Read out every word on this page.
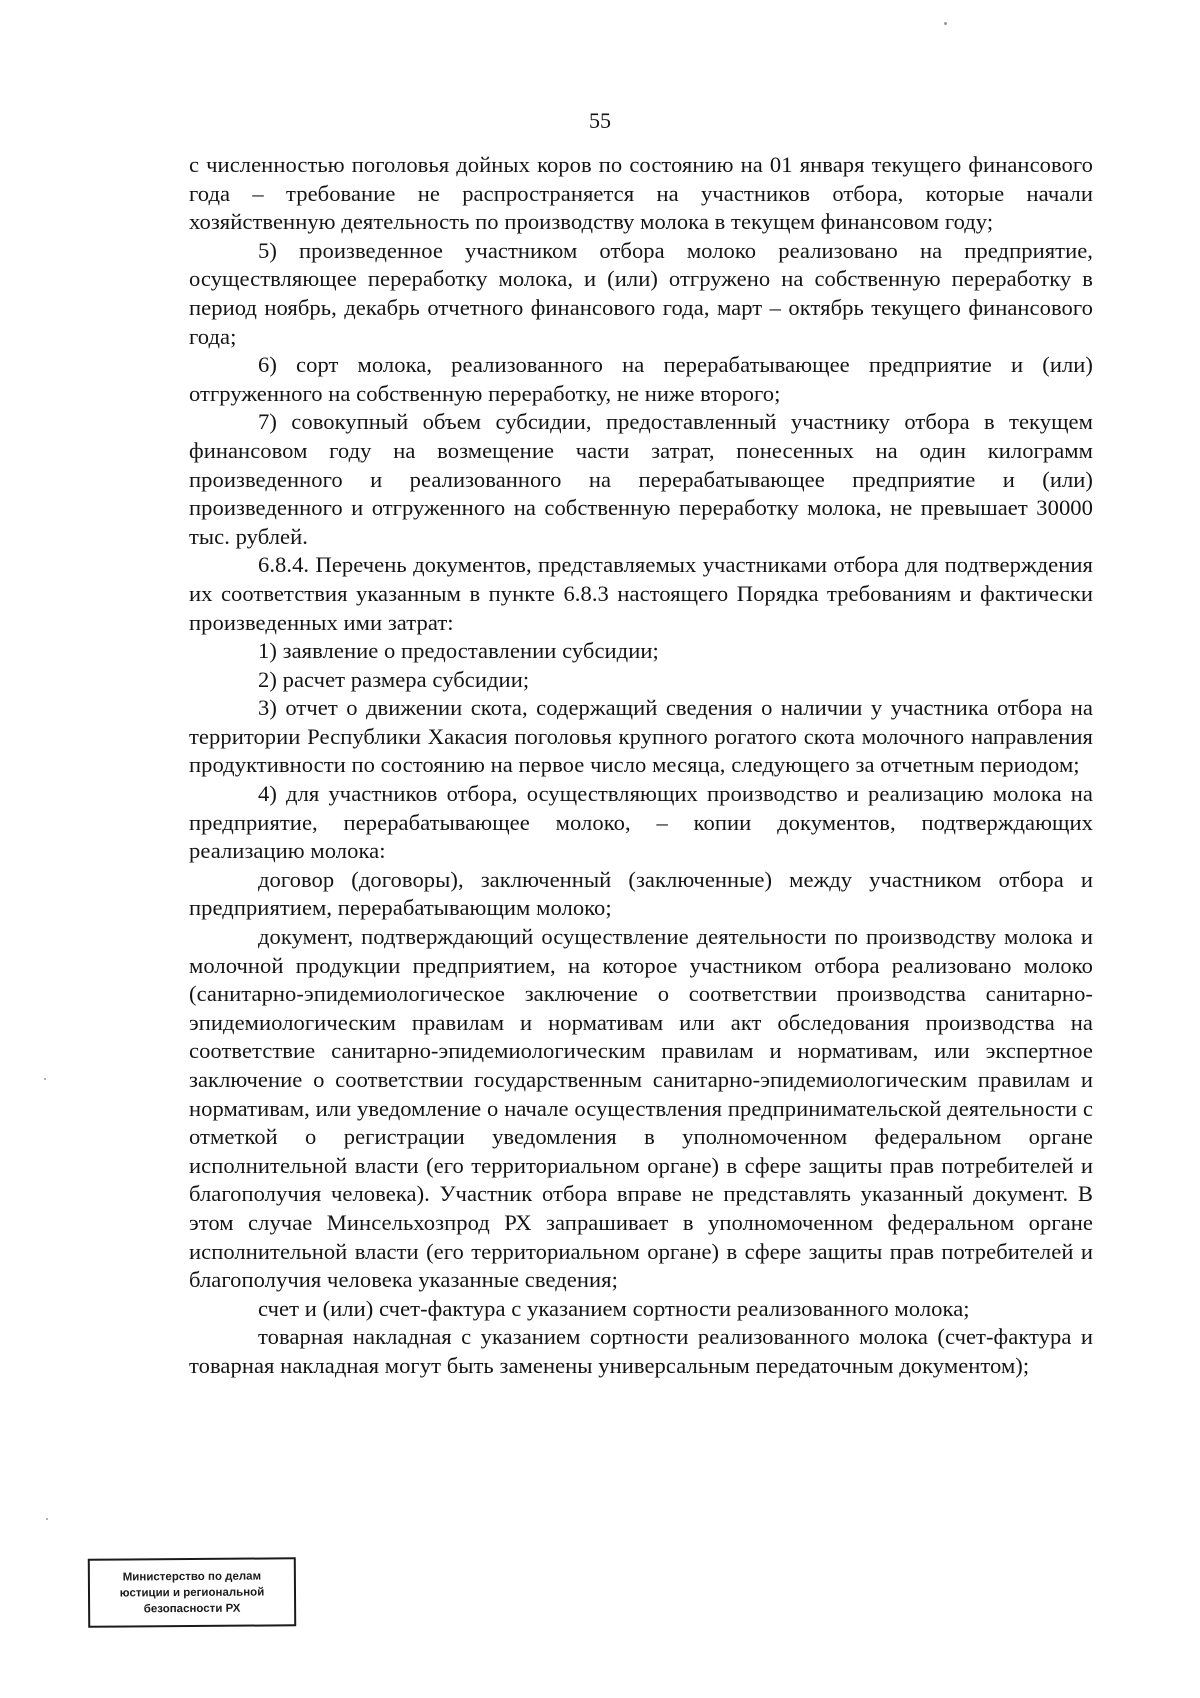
55

с численностью поголовья дойных коров по состоянию на 01 января текущего финансового года – требование не распространяется на участников отбора, которые начали хозяйственную деятельность по производству молока в текущем финансовом году;

5) произведенное участником отбора молоко реализовано на предприятие, осуществляющее переработку молока, и (или) отгружено на собственную переработку в период ноябрь, декабрь отчетного финансового года, март – октябрь текущего финансового года;

6) сорт молока, реализованного на перерабатывающее предприятие и (или) отгруженного на собственную переработку, не ниже второго;

7) совокупный объем субсидии, предоставленный участнику отбора в текущем финансовом году на возмещение части затрат, понесенных на один килограмм произведенного и реализованного на перерабатывающее предприятие и (или) произведенного и отгруженного на собственную переработку молока, не превышает 30000 тыс. рублей.

6.8.4. Перечень документов, представляемых участниками отбора для подтверждения их соответствия указанным в пункте 6.8.3 настоящего Порядка требованиям и фактически произведенных ими затрат:

1) заявление о предоставлении субсидии;

2) расчет размера субсидии;

3) отчет о движении скота, содержащий сведения о наличии у участника отбора на территории Республики Хакасия поголовья крупного рогатого скота молочного направления продуктивности по состоянию на первое число месяца, следующего за отчетным периодом;

4) для участников отбора, осуществляющих производство и реализацию молока на предприятие, перерабатывающее молоко, – копии документов, подтверждающих реализацию молока:

договор (договоры), заключенный (заключенные) между участником отбора и предприятием, перерабатывающим молоко;

документ, подтверждающий осуществление деятельности по производству молока и молочной продукции предприятием, на которое участником отбора реализовано молоко (санитарно-эпидемиологическое заключение о соответствии производства санитарно-эпидемиологическим правилам и нормативам или акт обследования производства на соответствие санитарно-эпидемиологическим правилам и нормативам, или экспертное заключение о соответствии государственным санитарно-эпидемиологическим правилам и нормативам, или уведомление о начале осуществления предпринимательской деятельности с отметкой о регистрации уведомления в уполномоченном федеральном органе исполнительной власти (его территориальном органе) в сфере защиты прав потребителей и благополучия человека). Участник отбора вправе не представлять указанный документ. В этом случае Минсельхозпрод РХ запрашивает в уполномоченном федеральном органе исполнительной власти (его территориальном органе) в сфере защиты прав потребителей и благополучия человека указанные сведения;

счет и (или) счет-фактура с указанием сортности реализованного молока;

товарная накладная с указанием сортности реализованного молока (счет-фактура и товарная накладная могут быть заменены универсальным передаточным документом);

Министерство по делам
юстиции и региональной
безопасности РХ
